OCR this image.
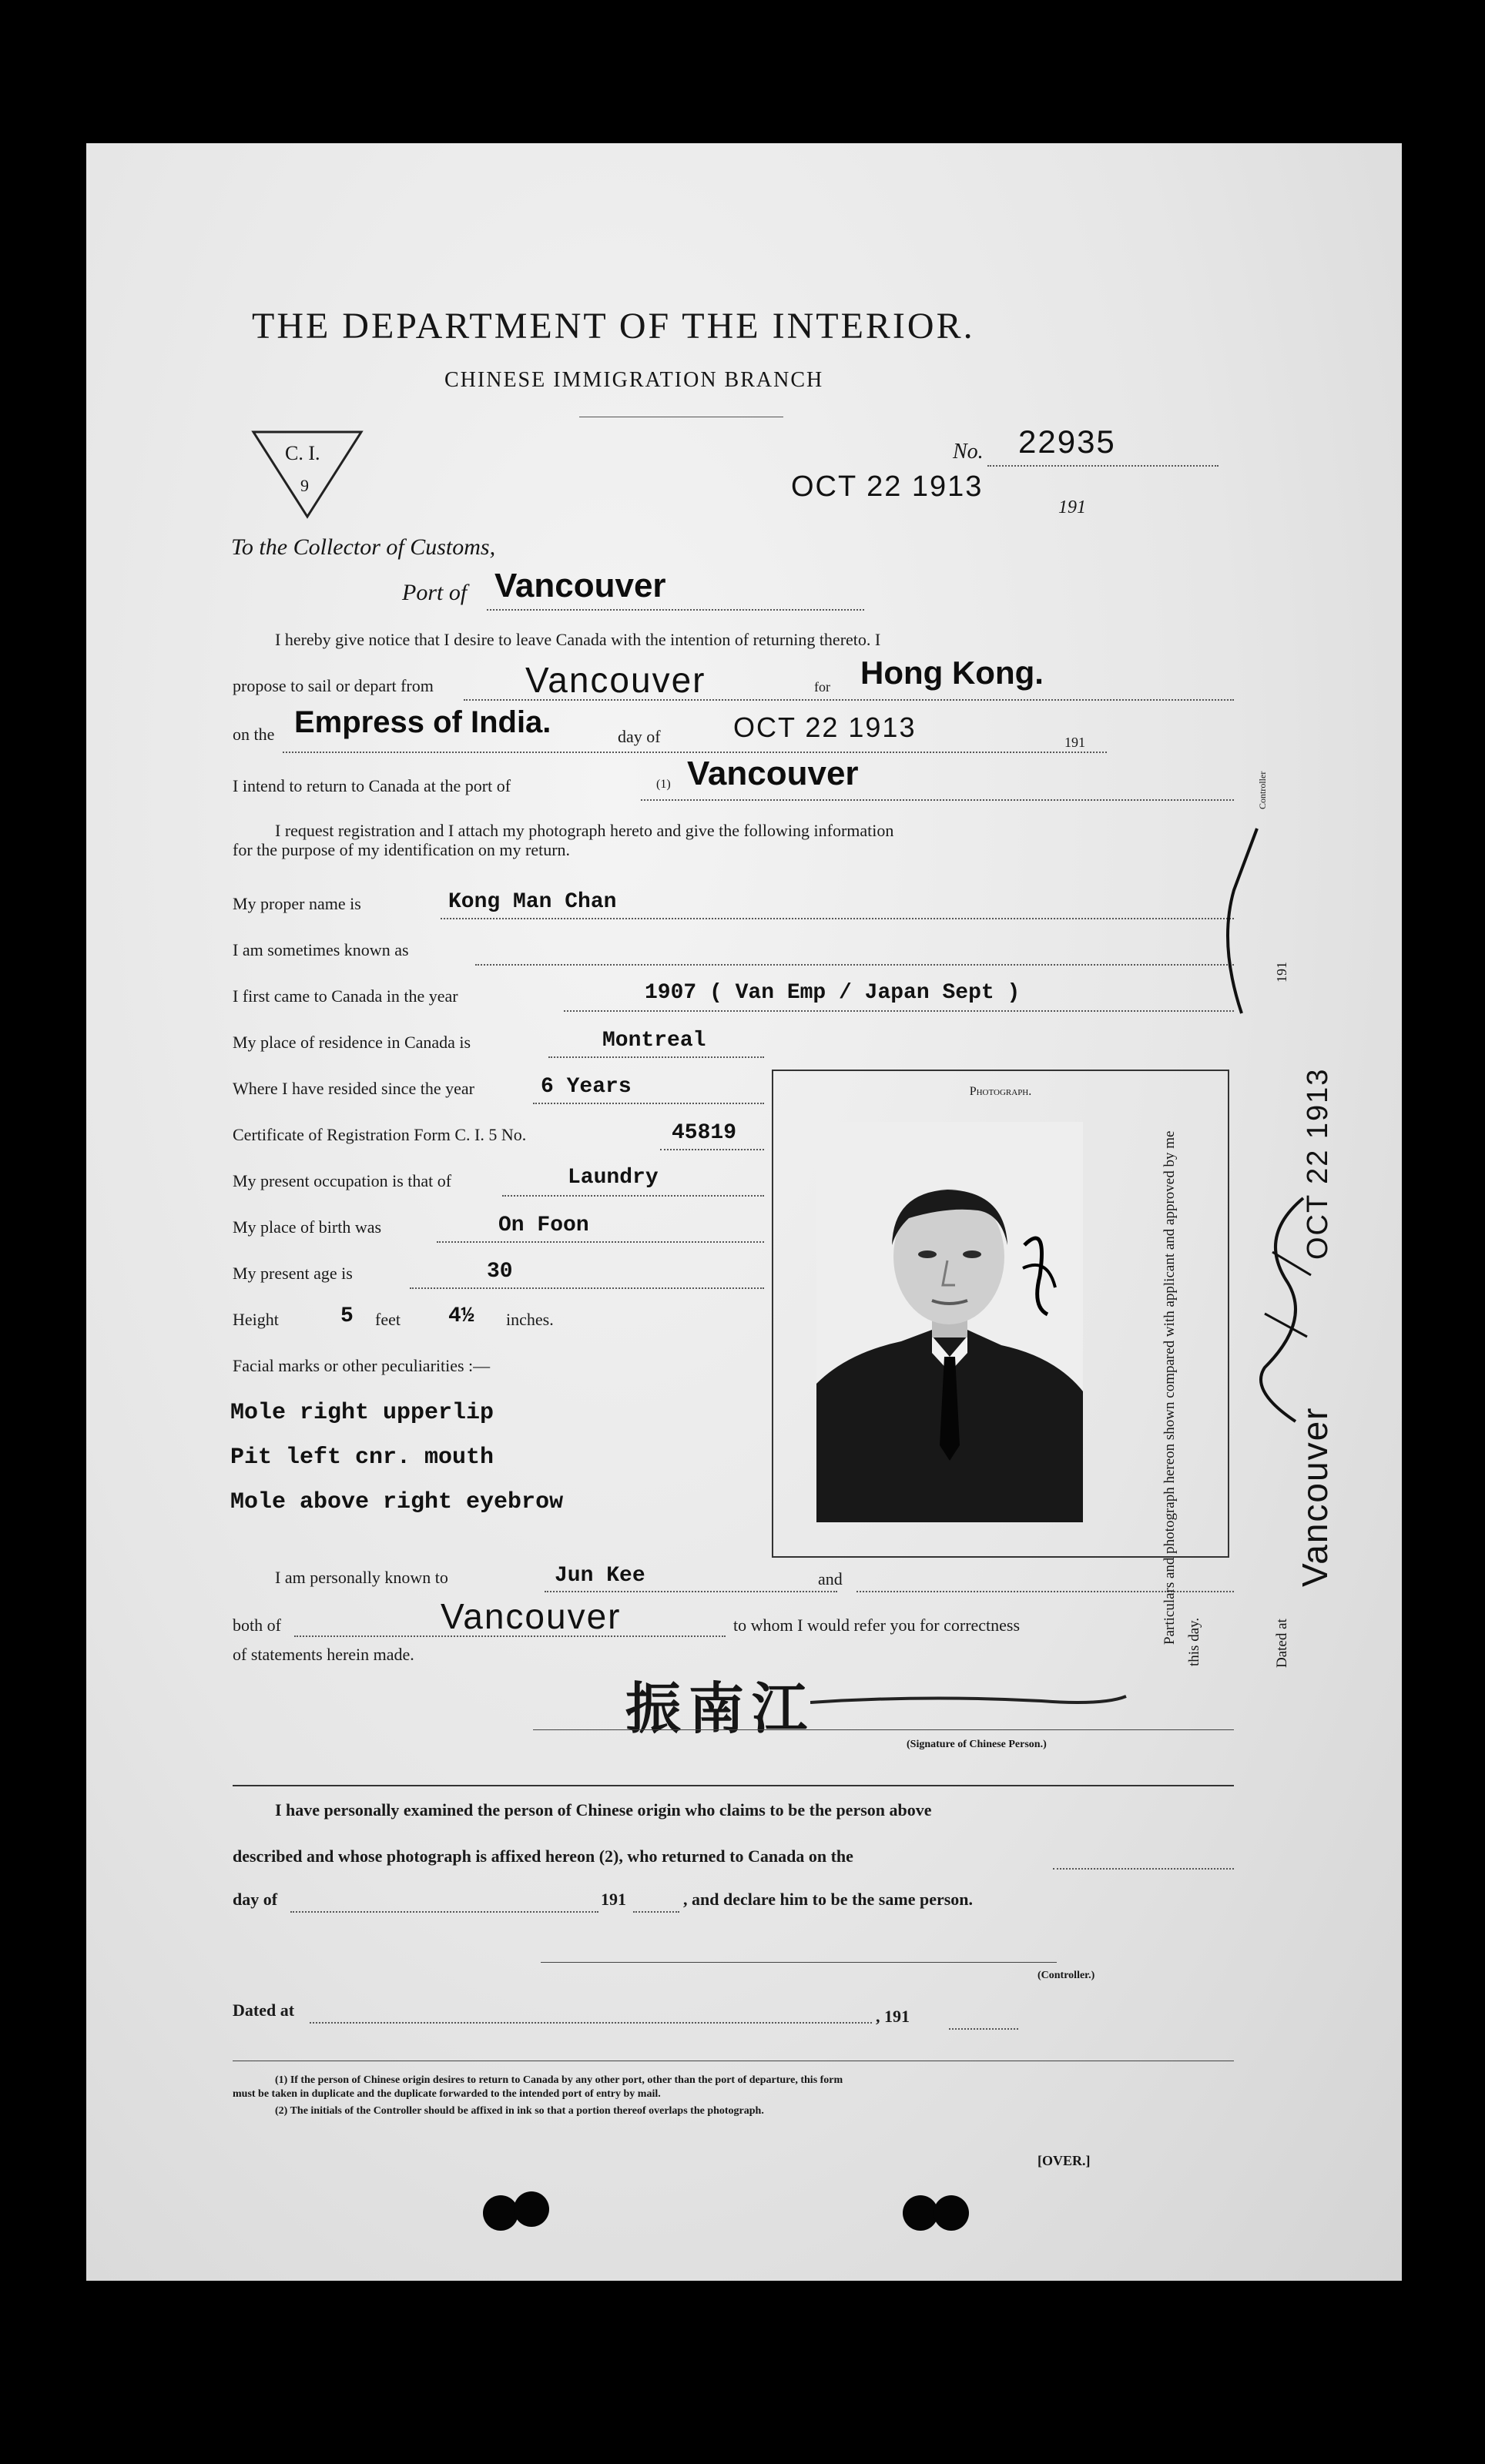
THE DEPARTMENT OF THE INTERIOR.
CHINESE IMMIGRATION BRANCH
C. I.
9
No. 22935
OCT 22 1913
191
To the Collector of Customs,
Port of Vancouver
I hereby give notice that I desire to leave Canada with the intention of returning thereto. I
propose to sail or depart from	Vancouver	for Hong Kong.
on the Empress of India.	day of	OCT 22 1913	191
I intend to return to Canada at the port of	(1) Vancouver
I request registration and I attach my photograph hereto and give the following information
for the purpose of my identification on my return.
My proper name is	Kong Man Chan
I am sometimes known as
I first came to Canada in the year	1907 ( Van Emp / Japan Sept )
My place of residence in Canada is	Montreal
Where I have resided since the year	6 Years
Certificate of Registration Form C. I. 5 No.	45819
My present occupation is that of	Laundry
My place of birth was	On Foon
My present age is	30
Height	5 feet 4½ inches.
Facial marks or other peculiarities :—
Mole right upperlip
Pit left cnr. mouth
Mole above right eyebrow
Photograph.
I am personally known to	Jun Kee	and
both of	Vancouver	to whom I would refer you for correctness
of statements herein made.
振南江
(Signature of Chinese Person.)
I have personally examined the person of Chinese origin who claims to be the person above
described and whose photograph is affixed hereon (2), who returned to Canada on the
day of	191	, and declare him to be the same person.
(Controller.)
Dated at	, 191
(1) If the person of Chinese origin desires to return to Canada by any other port, other than the port of departure, this form
must be taken in duplicate and the duplicate forwarded to the intended port of entry by mail.
(2) The initials of the Controller should be affixed in ink so that a portion thereof overlaps the photograph.
[OVER.]
Particulars and photograph hereon shown compared with applicant and approved by me this day.	Dated at
Vancouver
OCT 22 1913
191
Controller
